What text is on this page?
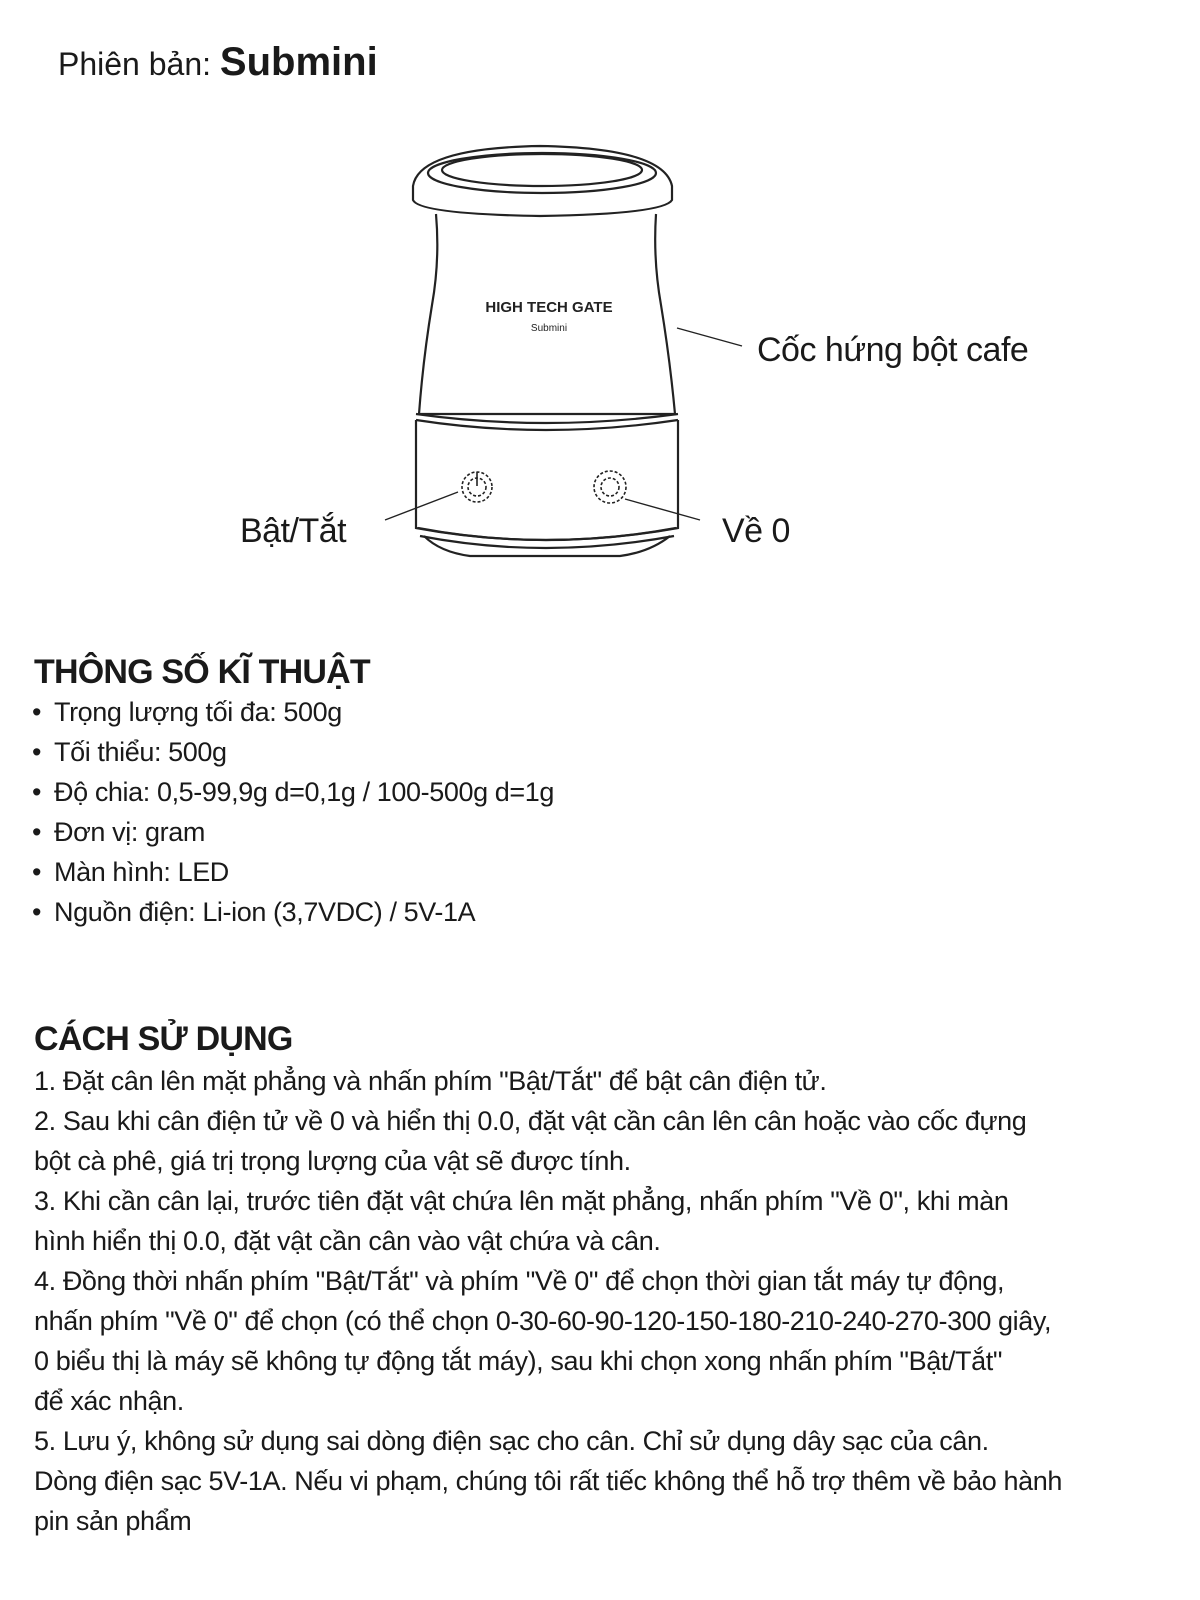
Phiên bản: Submini
HIGH TECH GATE
Submini
Cốc hứng bột cafe
Bật/Tắt	Về 0
THÔNG SỐ KĨ THUẬT
• Trọng lượng tối đa: 500g
• Tối thiểu: 500g
• Độ chia: 0,5-99,9g d=0,1g / 100-500g d=1g
• Đơn vị: gram
• Màn hình: LED
• Nguồn điện: Li-ion (3,7VDC) / 5V-1A
CÁCH SỬ DỤNG

1. Đặt cân lên mặt phẳng và nhấn phím "Bật/Tắt" để bật cân điện tử.

2. Sau khi cân điện tử về 0 và hiển thị 0.0, đặt vật cần cân lên cân hoặc vào cốc đựng

bột cà phê, giá trị trọng lượng của vật sẽ được tính.

3. Khi cần cân lại, trước tiên đặt vật chứa lên mặt phẳng, nhấn phím "Về 0", khi màn

hình hiển thị 0.0, đặt vật cần cân vào vật chứa và cân.

4. Đồng thời nhấn phím "Bật/Tắt" và phím "Về 0" để chọn thời gian tắt máy tự động,

nhấn phím "Về 0" để chọn (có thể chọn 0-30-60-90-120-150-180-210-240-270-300 giây,

0 biểu thị là máy sẽ không tự động tắt máy), sau khi chọn xong nhấn phím "Bật/Tắt"

để xác nhận.

5. Lưu ý, không sử dụng sai dòng điện sạc cho cân. Chỉ sử dụng dây sạc của cân.

Dòng điện sạc 5V-1A. Nếu vi phạm, chúng tôi rất tiếc không thể hỗ trợ thêm về bảo hành

pin sản phẩm
